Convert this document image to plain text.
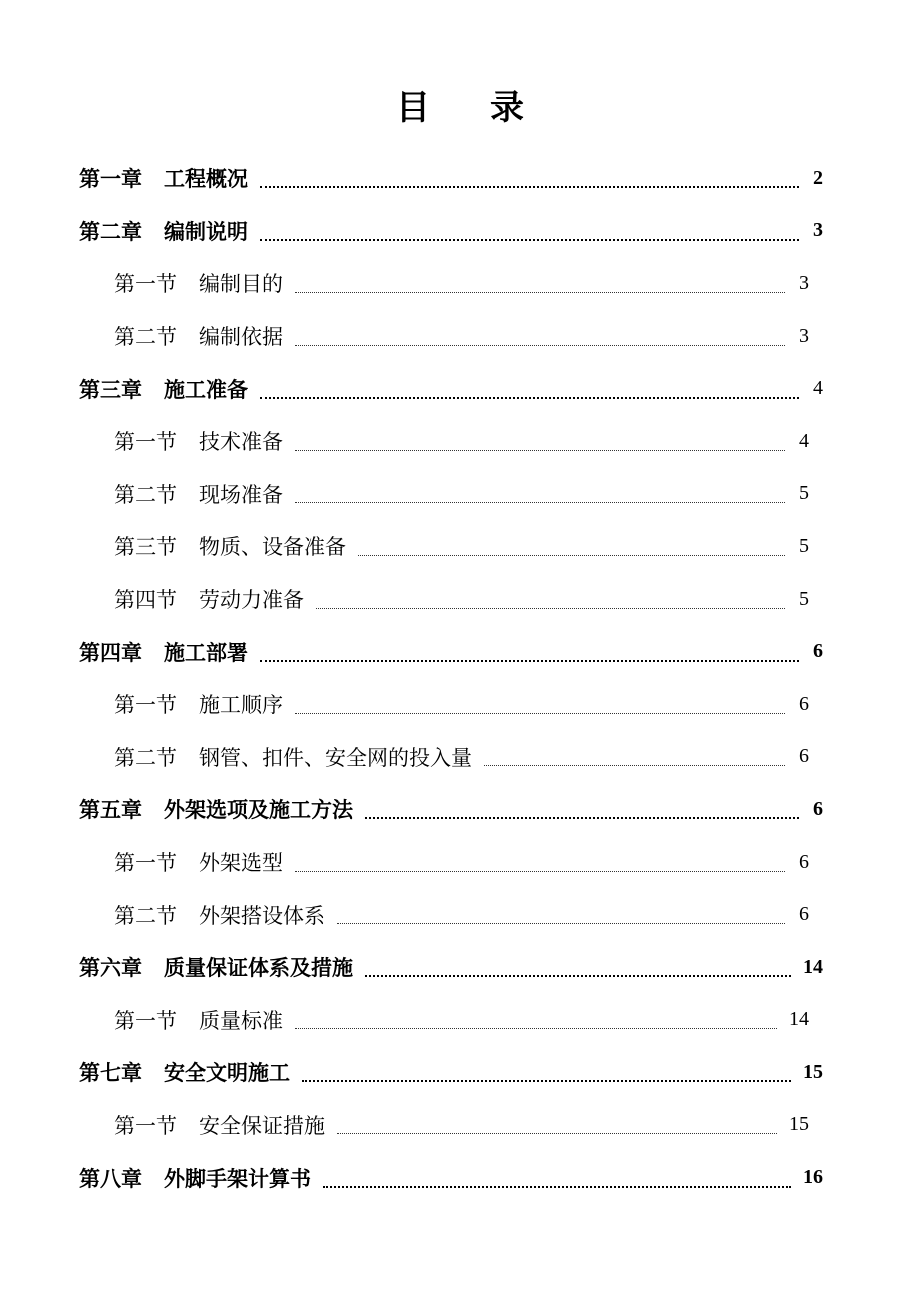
目 录
第一章 工程概况	2
第二章 编制说明	3
第一节 编制目的	3
第二节 编制依据	3
第三章 施工准备	4
第一节 技术准备	4
第二节 现场准备	5
第三节 物质、设备准备	5
第四节 劳动力准备	5
第四章 施工部署	6
第一节 施工顺序	6
第二节 钢管、扣件、安全网的投入量	6
第五章 外架选项及施工方法	6
第一节 外架选型	6
第二节 外架搭设体系	6
第六章 质量保证体系及措施	14
第一节 质量标准	14
第七章 安全文明施工	15
第一节 安全保证措施	15
第八章 外脚手架计算书	16
